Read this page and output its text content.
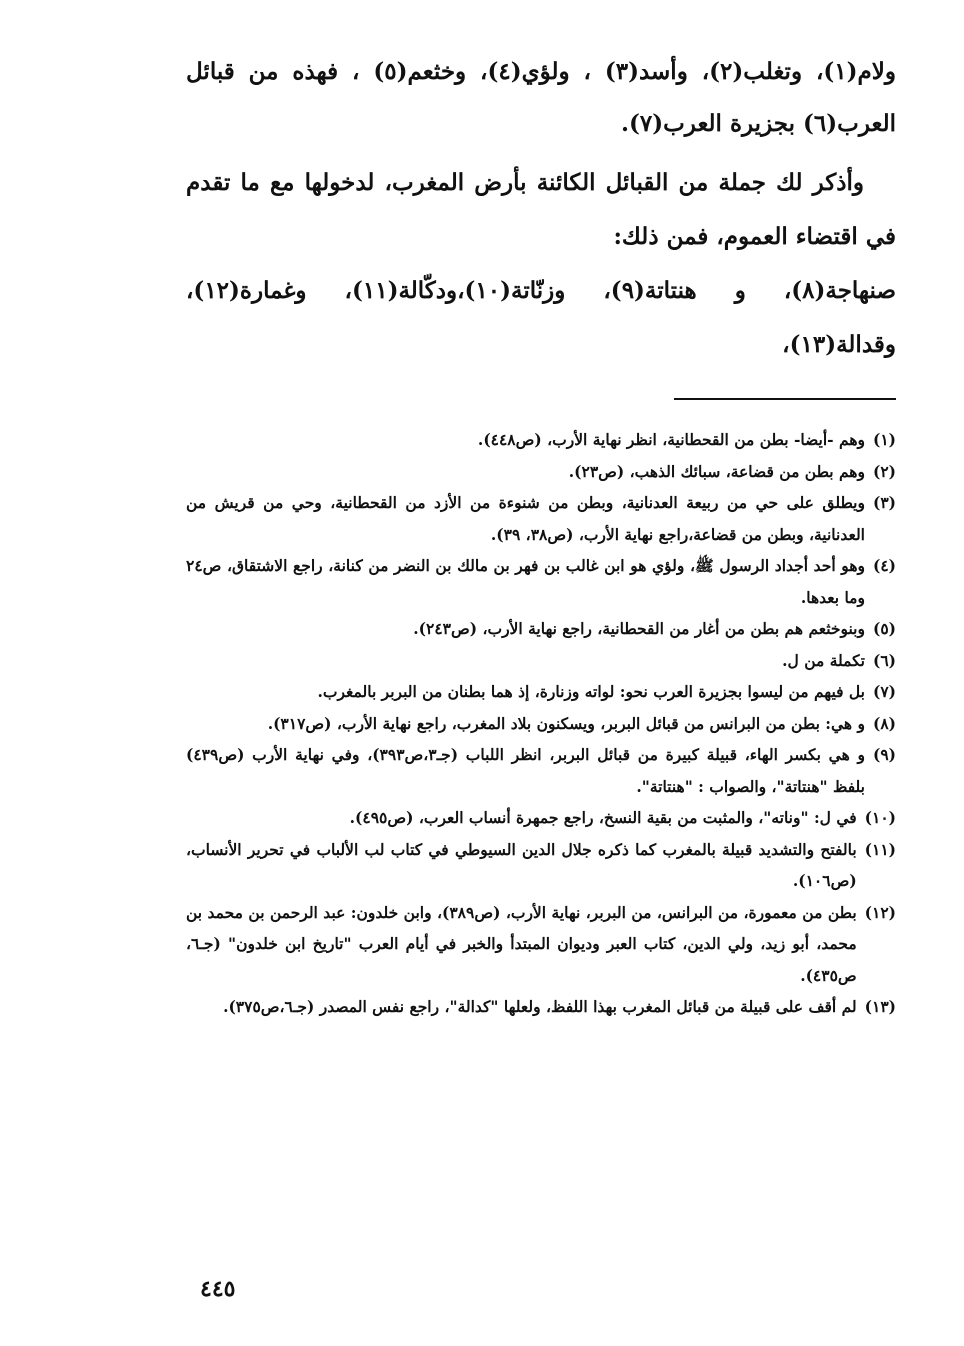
ولام(١)، وتغلب(٢)، وأسد(٣) ، ولؤي(٤)، وخثعم(٥) ، فهذه من قبائل العرب(٦) بجزيرة العرب(٧).

وأذكر لك جملة من القبائل الكائنة بأرض المغرب، لدخولها مع ما تقدم في اقتضاء العموم، فمن ذلك:

صنهاجة(٨)، و هنتاتة(٩)، وزنّاتة(١٠)،ودكّالة(١١)، وغمارة(١٢)، وقدالة(١٣)،

(١)
وهم -أيضا- بطن من القحطانية، انظر نهاية الأرب، (ص٤٤٨).
(٢)
وهم بطن من قضاعة، سبائك الذهب، (ص٢٣).
(٣)
ويطلق على حي من ربيعة العدنانية، وبطن من شنوءة من الأزد من القحطانية، وحي من قريش من العدنانية، وبطن من قضاعة،راجع نهاية الأرب، (ص٣٨، ٣٩).
(٤)
وهو أحد أجداد الرسول ﷺ، ولؤي هو ابن غالب بن فهر بن مالك بن النضر من كنانة، راجع الاشتقاق، ص٢٤ وما بعدها.
(٥)
وبنوخثعم هم بطن من أغار من القحطانية، راجع نهاية الأرب، (ص٢٤٣).
(٦)
تكملة من ل.
(٧)
بل فيهم من ليسوا بجزيرة العرب نحو: لواته وزنارة، إذ هما بطنان من البربر بالمغرب.
(٨)
و هي: بطن من البرانس من قبائل البربر، ويسكنون بلاد المغرب، راجع نهاية الأرب، (ص٣١٧).
(٩)
و هي بكسر الهاء، قبيلة كبيرة من قبائل البربر، انظر اللباب (جـ٣،ص٣٩٣)، وفي نهاية الأرب (ص٤٣٩) بلفظ "هنتاتة"، والصواب : "هنتاتة".
(١٠)
في ل: "وناته"، والمثبت من بقية النسخ، راجع جمهرة أنساب العرب، (ص٤٩٥).
(١١)
بالفتح والتشديد قبيلة بالمغرب كما ذكره جلال الدين السيوطي في كتاب لب الألباب في تحرير الأنساب، (ص١٠٦).
(١٢)
بطن من معمورة، من البرانس، من البربر، نهاية الأرب، (ص٣٨٩)، وابن خلدون: عبد الرحمن بن محمد بن محمد، أبو زيد، ولي الدين، كتاب العبر وديوان المبتدأ والخبر في أيام العرب "تاريخ ابن خلدون" (جـ٦، ص٤٣٥).
(١٣)
لم أقف على قبيلة من قبائل المغرب بهذا اللفظ، ولعلها "كدالة"، راجع نفس المصدر (جـ٦،ص٣٧٥).
٤٤٥
